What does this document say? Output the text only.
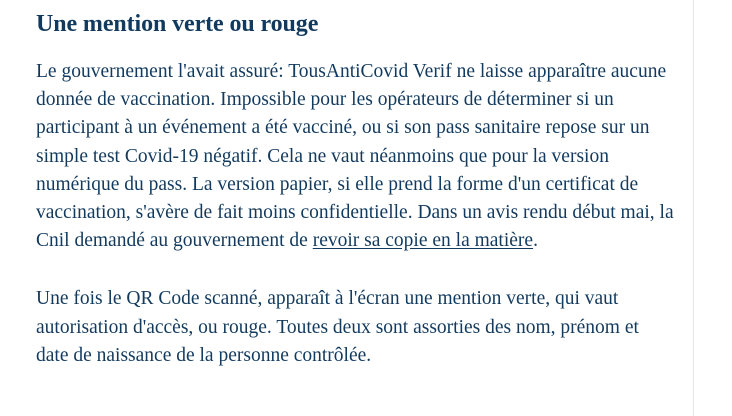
Une mention verte ou rouge

Le gouvernement l'avait assuré: TousAntiCovid Verif ne laisse apparaître aucune donnée de vaccination. Impossible pour les opérateurs de déterminer si un participant à un événement a été vacciné, ou si son pass sanitaire repose sur un simple test Covid-19 négatif. Cela ne vaut néanmoins que pour la version numérique du pass. La version papier, si elle prend la forme d'un certificat de vaccination, s'avère de fait moins confidentielle. Dans un avis rendu début mai, la Cnil demandé au gouvernement de revoir sa copie en la matière.

Une fois le QR Code scanné, apparaît à l'écran une mention verte, qui vaut autorisation d'accès, ou rouge. Toutes deux sont assorties des nom, prénom et date de naissance de la personne contrôlée.
